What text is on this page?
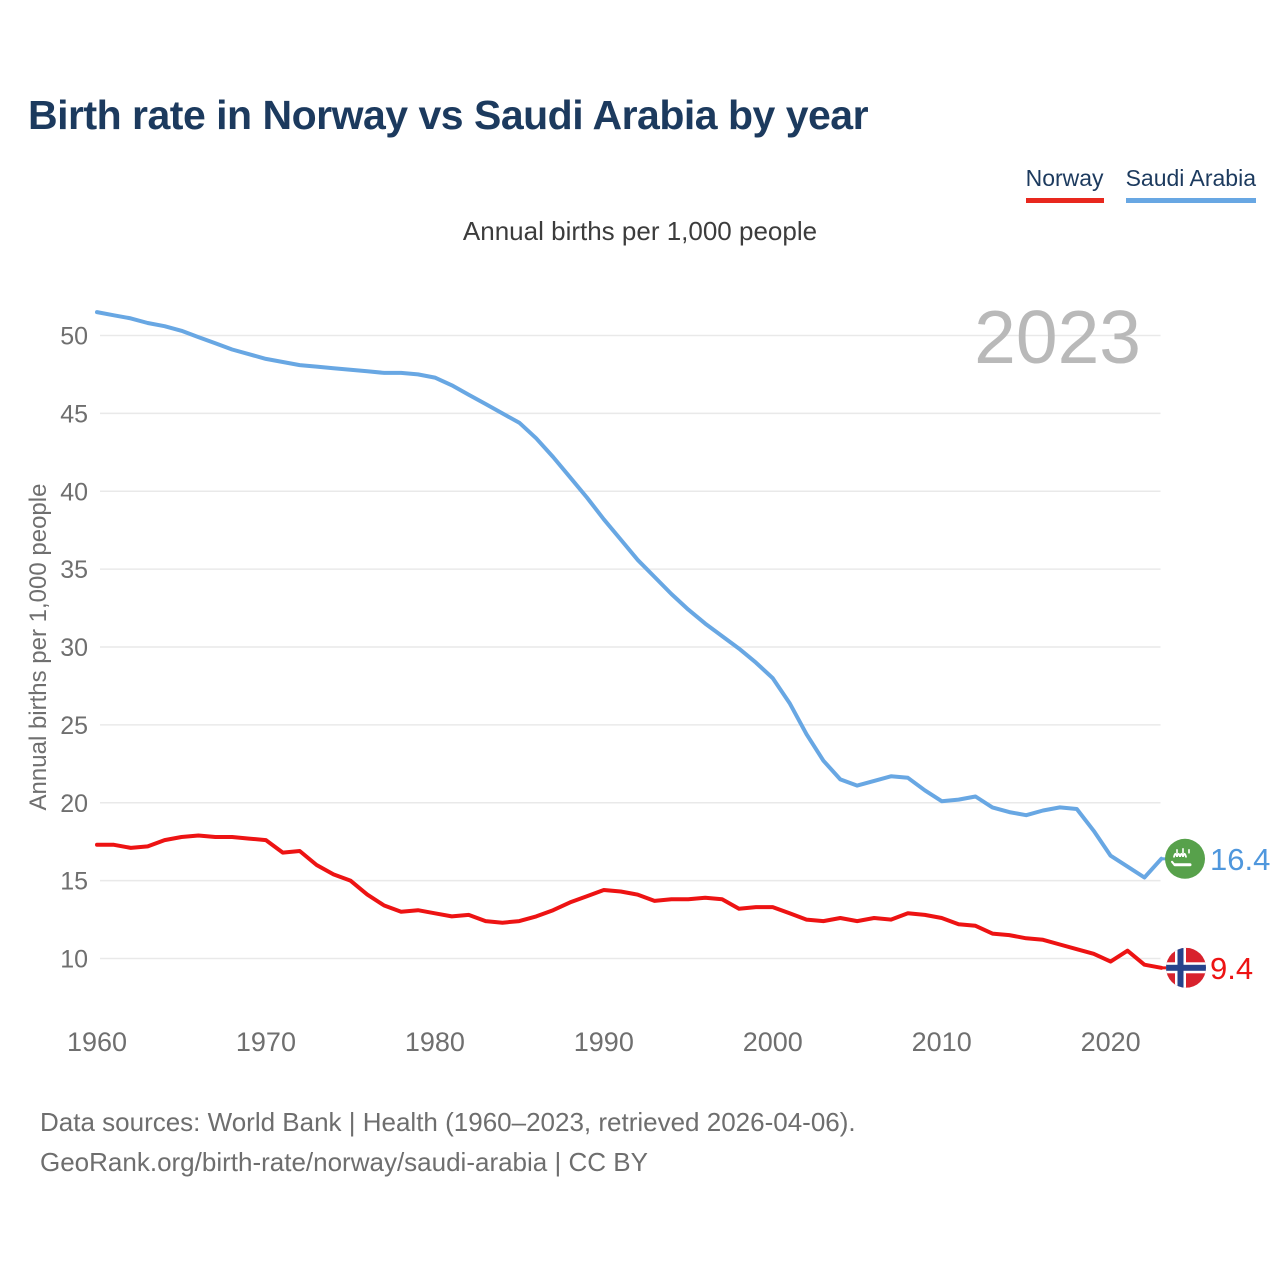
Birth rate in Norway vs Saudi Arabia by year
Norway Saudi Arabia
Annual births per 1,000 people
2023
10
15
20
25
30
35
40
45
50
1960	1970	1980	1990	2000	2010	2020
Annual births per 1,000 people
16.4
9.4
Data sources: World Bank | Health (1960–2023, retrieved 2026-04-06).
GeoRank.org/birth-rate/norway/saudi-arabia | CC BY
